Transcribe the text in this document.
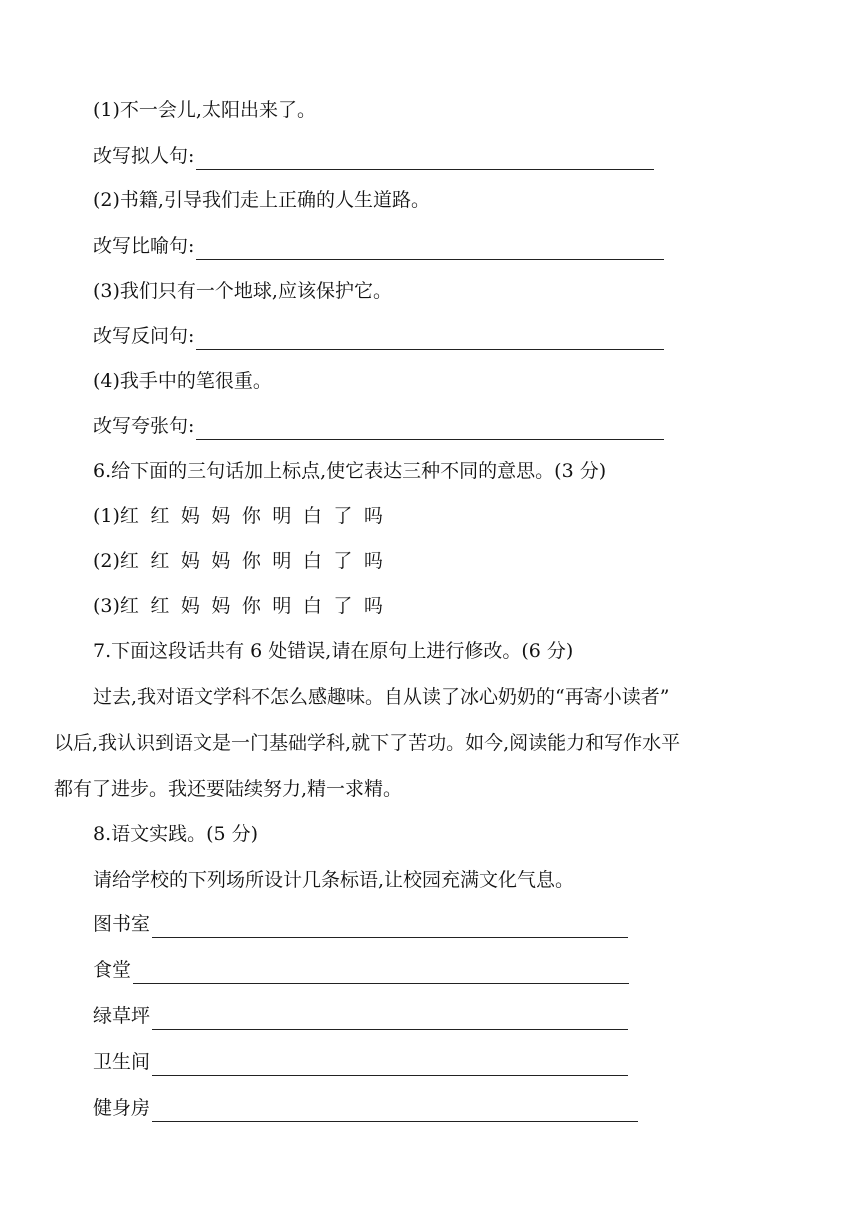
(1)不一会儿,太阳出来了。
改写拟人句:
(2)书籍,引导我们走上正确的人生道路。
改写比喻句:
(3)我们只有一个地球,应该保护它。
改写反问句:
(4)我手中的笔很重。
改写夸张句:
6.给下面的三句话加上标点,使它表达三种不同的意思。(3 分)
(1)红 红 妈 妈 你 明 白 了 吗
(2)红 红 妈 妈 你 明 白 了 吗
(3)红 红 妈 妈 你 明 白 了 吗
7.下面这段话共有 6 处错误,请在原句上进行修改。(6 分)
过去,我对语文学科不怎么感趣味。自从读了冰心奶奶的“再寄小读者”
以后,我认识到语文是一门基础学科,就下了苦功。如今,阅读能力和写作水平
都有了进步。我还要陆续努力,精一求精。
8.语文实践。(5 分)
请给学校的下列场所设计几条标语,让校园充满文化气息。
图书室
食堂
绿草坪
卫生间
健身房
